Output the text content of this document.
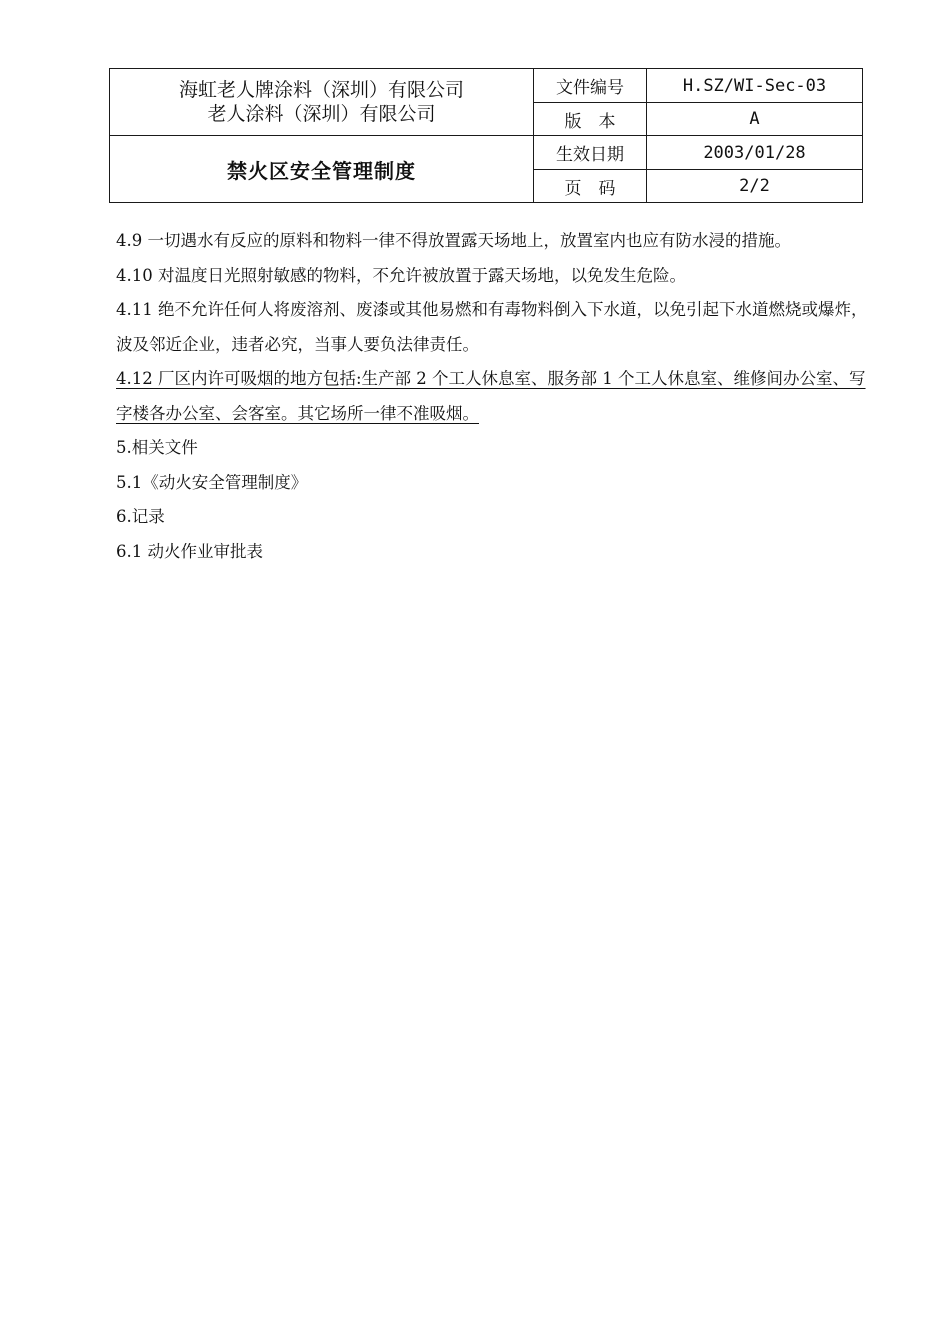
海虹老人牌涂料（深圳）有限公司
老人涂料（深圳）有限公司	文件编号	H.SZ/WI-Sec-03
	版　本	A
禁火区安全管理制度	生效日期	2003/01/28
	页　码	2/2

4.9 一切遇水有反应的原料和物料一律不得放置露天场地上，放置室内也应有防水浸的措施。

4.10 对温度日光照射敏感的物料，不允许被放置于露天场地，以免发生危险。

4.11 绝不允许任何人将废溶剂、废漆或其他易燃和有毒物料倒入下水道，以免引起下水道燃烧或爆炸，波及邻近企业，违者必究，当事人要负法律责任。

4.12 厂区内许可吸烟的地方包括:生产部 2 个工人休息室、服务部 1 个工人休息室、维修间办公室、写字楼各办公室、会客室。其它场所一律不准吸烟。

5.相关文件

5.1《动火安全管理制度》

6.记录

6.1 动火作业审批表
